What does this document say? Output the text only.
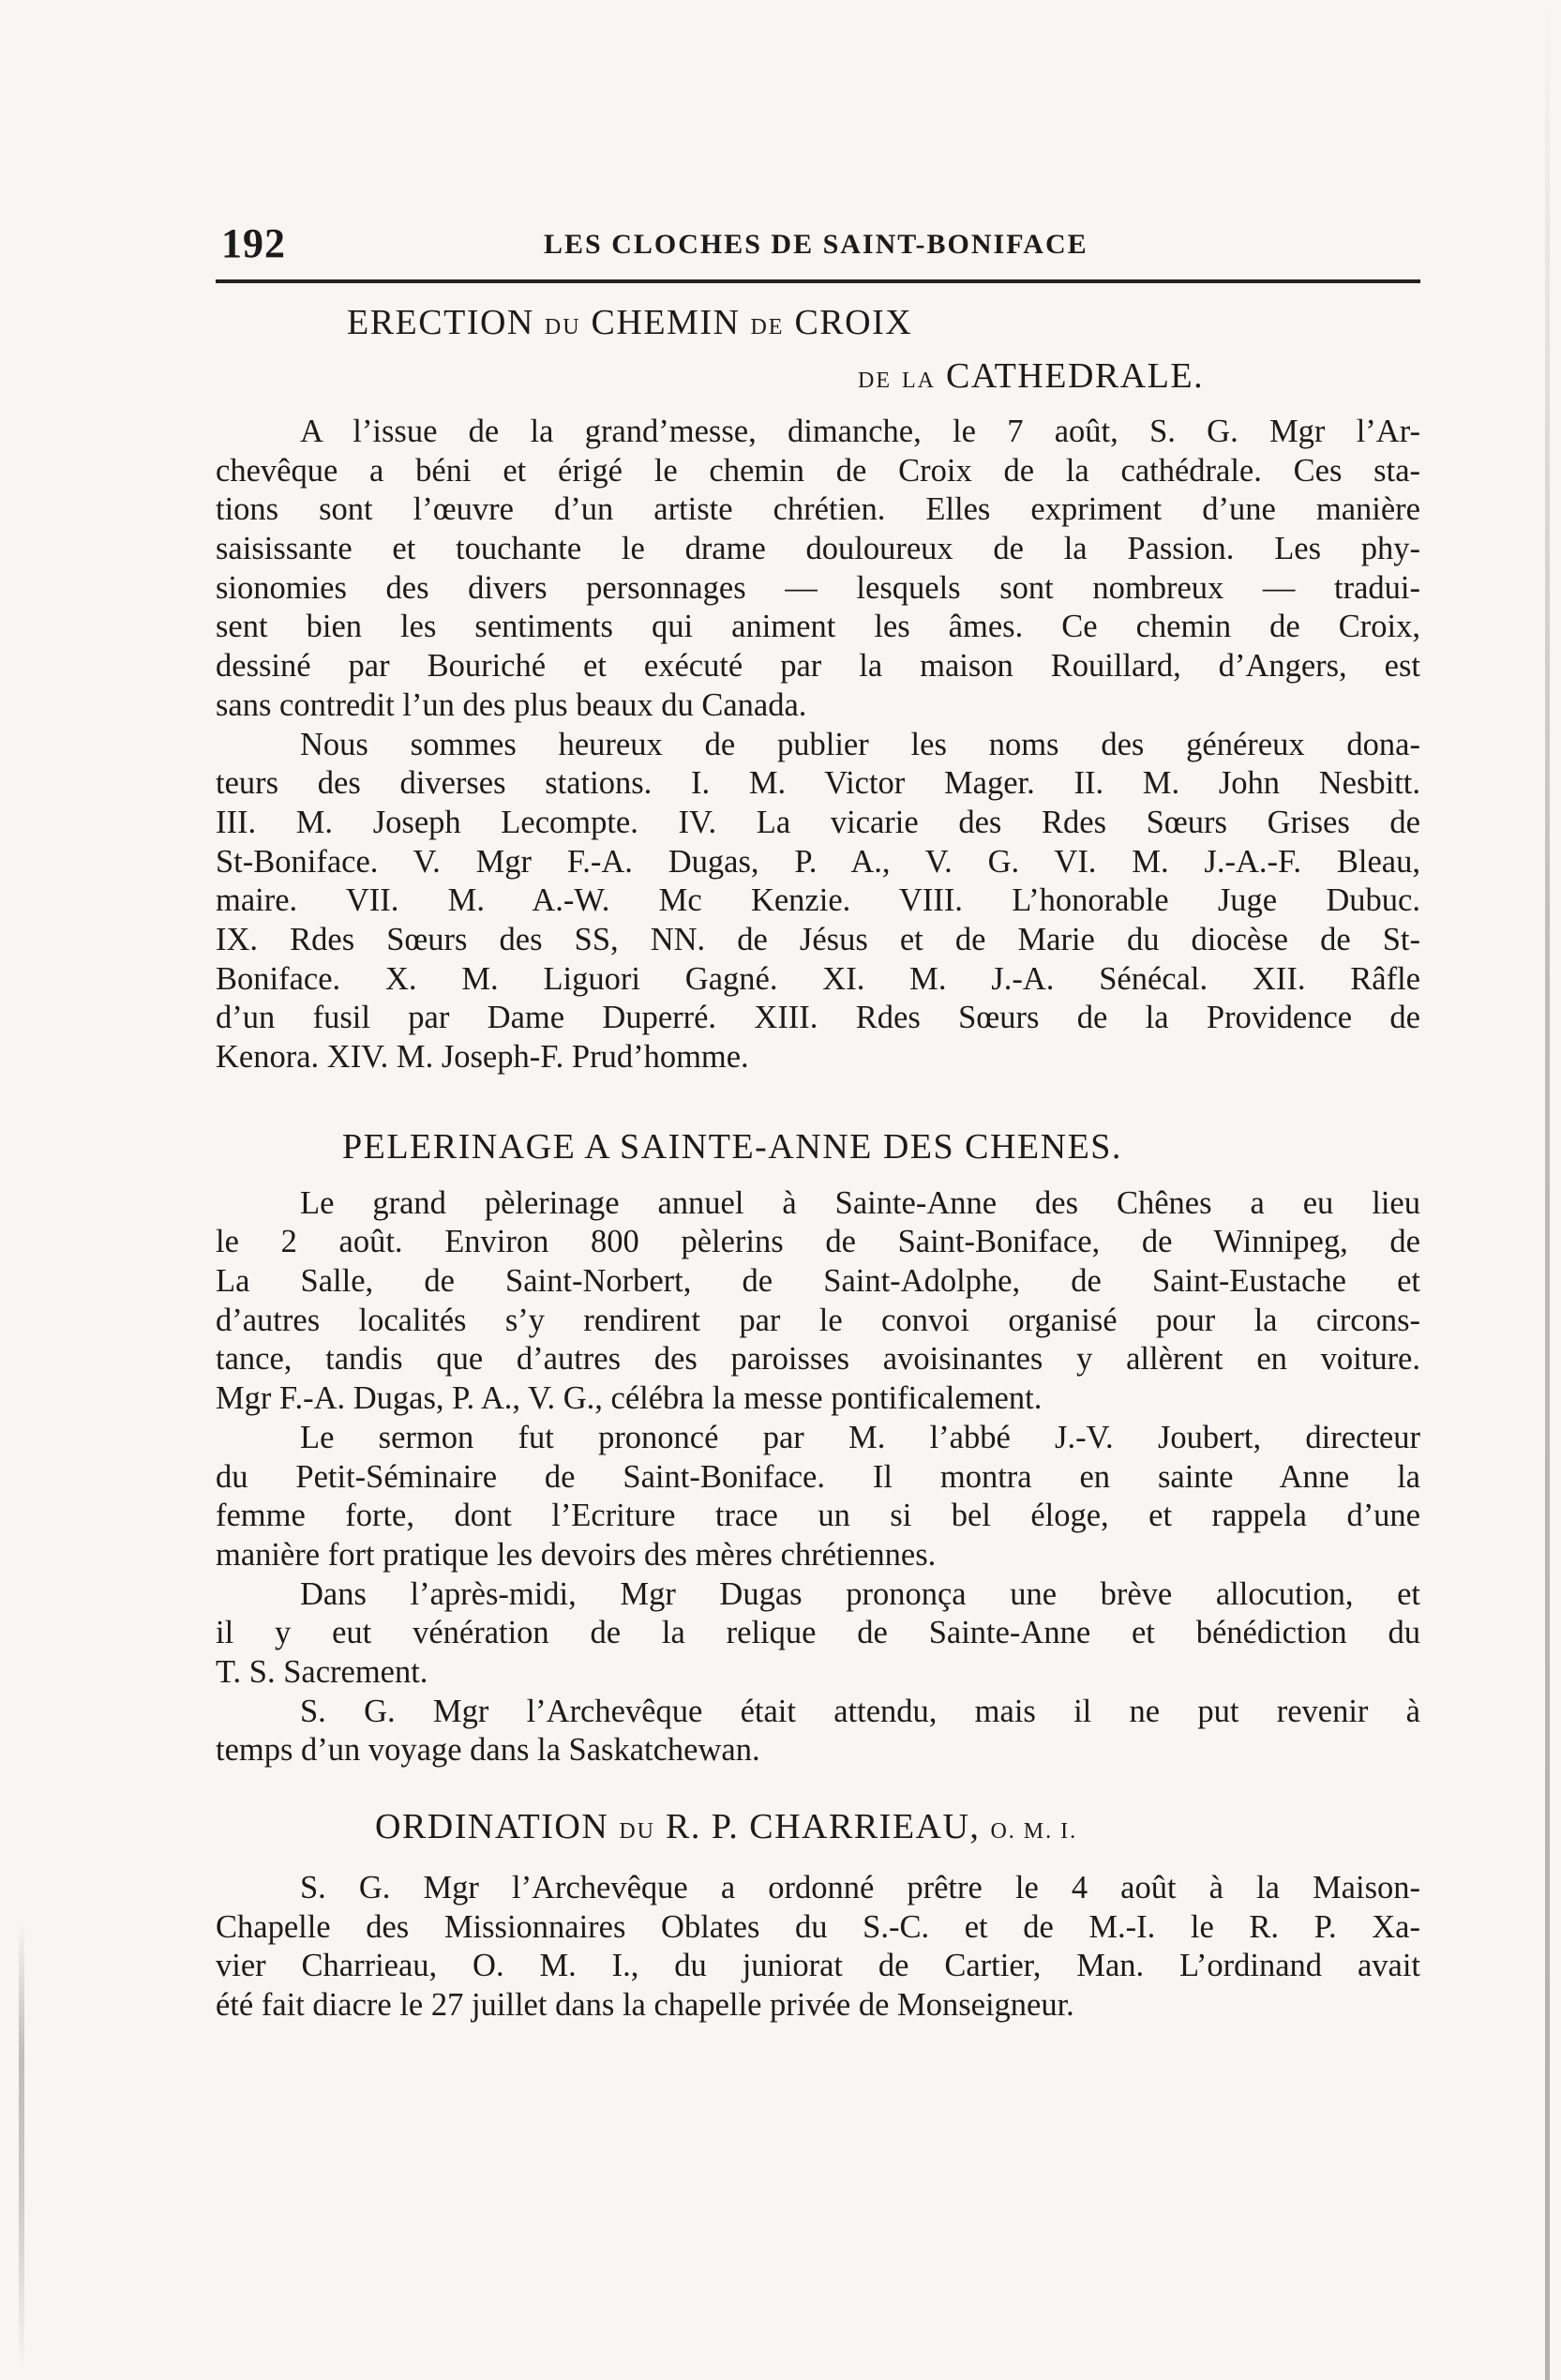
192	LES CLOCHES DE SAINT-BONIFACE
ERECTION DU CHEMIN DE CROIX
DE LA CATHEDRALE.
A l’issue de la grand’messe, dimanche, le 7 août, S. G. Mgr l’Ar-
chevêque a béni et érigé le chemin de Croix de la cathédrale. Ces sta-
tions sont l’œuvre d’un artiste chrétien. Elles expriment d’une manière
saisissante et touchante le drame douloureux de la Passion. Les phy-
sionomies des divers personnages — lesquels sont nombreux — tradui-
sent bien les sentiments qui animent les âmes. Ce chemin de Croix,
dessiné par Bouriché et exécuté par la maison Rouillard, d’Angers, est
sans contredit l’un des plus beaux du Canada.
Nous sommes heureux de publier les noms des généreux dona-
teurs des diverses stations. I. M. Victor Mager. II. M. John Nesbitt.
III. M. Joseph Lecompte. IV. La vicarie des Rdes Sœurs Grises de
St-Boniface. V. Mgr F.-A. Dugas, P. A., V. G. VI. M. J.-A.-F. Bleau,
maire. VII. M. A.-W. Mc Kenzie. VIII. L’honorable Juge Dubuc.
IX. Rdes Sœurs des SS, NN. de Jésus et de Marie du diocèse de St-
Boniface. X. M. Liguori Gagné. XI. M. J.-A. Sénécal. XII. Râfle
d’un fusil par Dame Duperré. XIII. Rdes Sœurs de la Providence de
Kenora. XIV. M. Joseph-F. Prud’homme.
PELERINAGE A SAINTE-ANNE DES CHENES.
Le grand pèlerinage annuel à Sainte-Anne des Chênes a eu lieu
le 2 août. Environ 800 pèlerins de Saint-Boniface, de Winnipeg, de
La Salle, de Saint-Norbert, de Saint-Adolphe, de Saint-Eustache et
d’autres localités s’y rendirent par le convoi organisé pour la circons-
tance, tandis que d’autres des paroisses avoisinantes y allèrent en voiture.
Mgr F.-A. Dugas, P. A., V. G., célébra la messe pontificalement.
Le sermon fut prononcé par M. l’abbé J.-V. Joubert, directeur
du Petit-Séminaire de Saint-Boniface. Il montra en sainte Anne la
femme forte, dont l’Ecriture trace un si bel éloge, et rappela d’une
manière fort pratique les devoirs des mères chrétiennes.
Dans l’après-midi, Mgr Dugas prononça une brève allocution, et
il y eut vénération de la relique de Sainte-Anne et bénédiction du
T. S. Sacrement.
S. G. Mgr l’Archevêque était attendu, mais il ne put revenir à
temps d’un voyage dans la Saskatchewan.
ORDINATION DU R. P. CHARRIEAU, O. M. I.
S. G. Mgr l’Archevêque a ordonné prêtre le 4 août à la Maison-
Chapelle des Missionnaires Oblates du S.-C. et de M.-I. le R. P. Xa-
vier Charrieau, O. M. I., du juniorat de Cartier, Man. L’ordinand avait
été fait diacre le 27 juillet dans la chapelle privée de Monseigneur.
